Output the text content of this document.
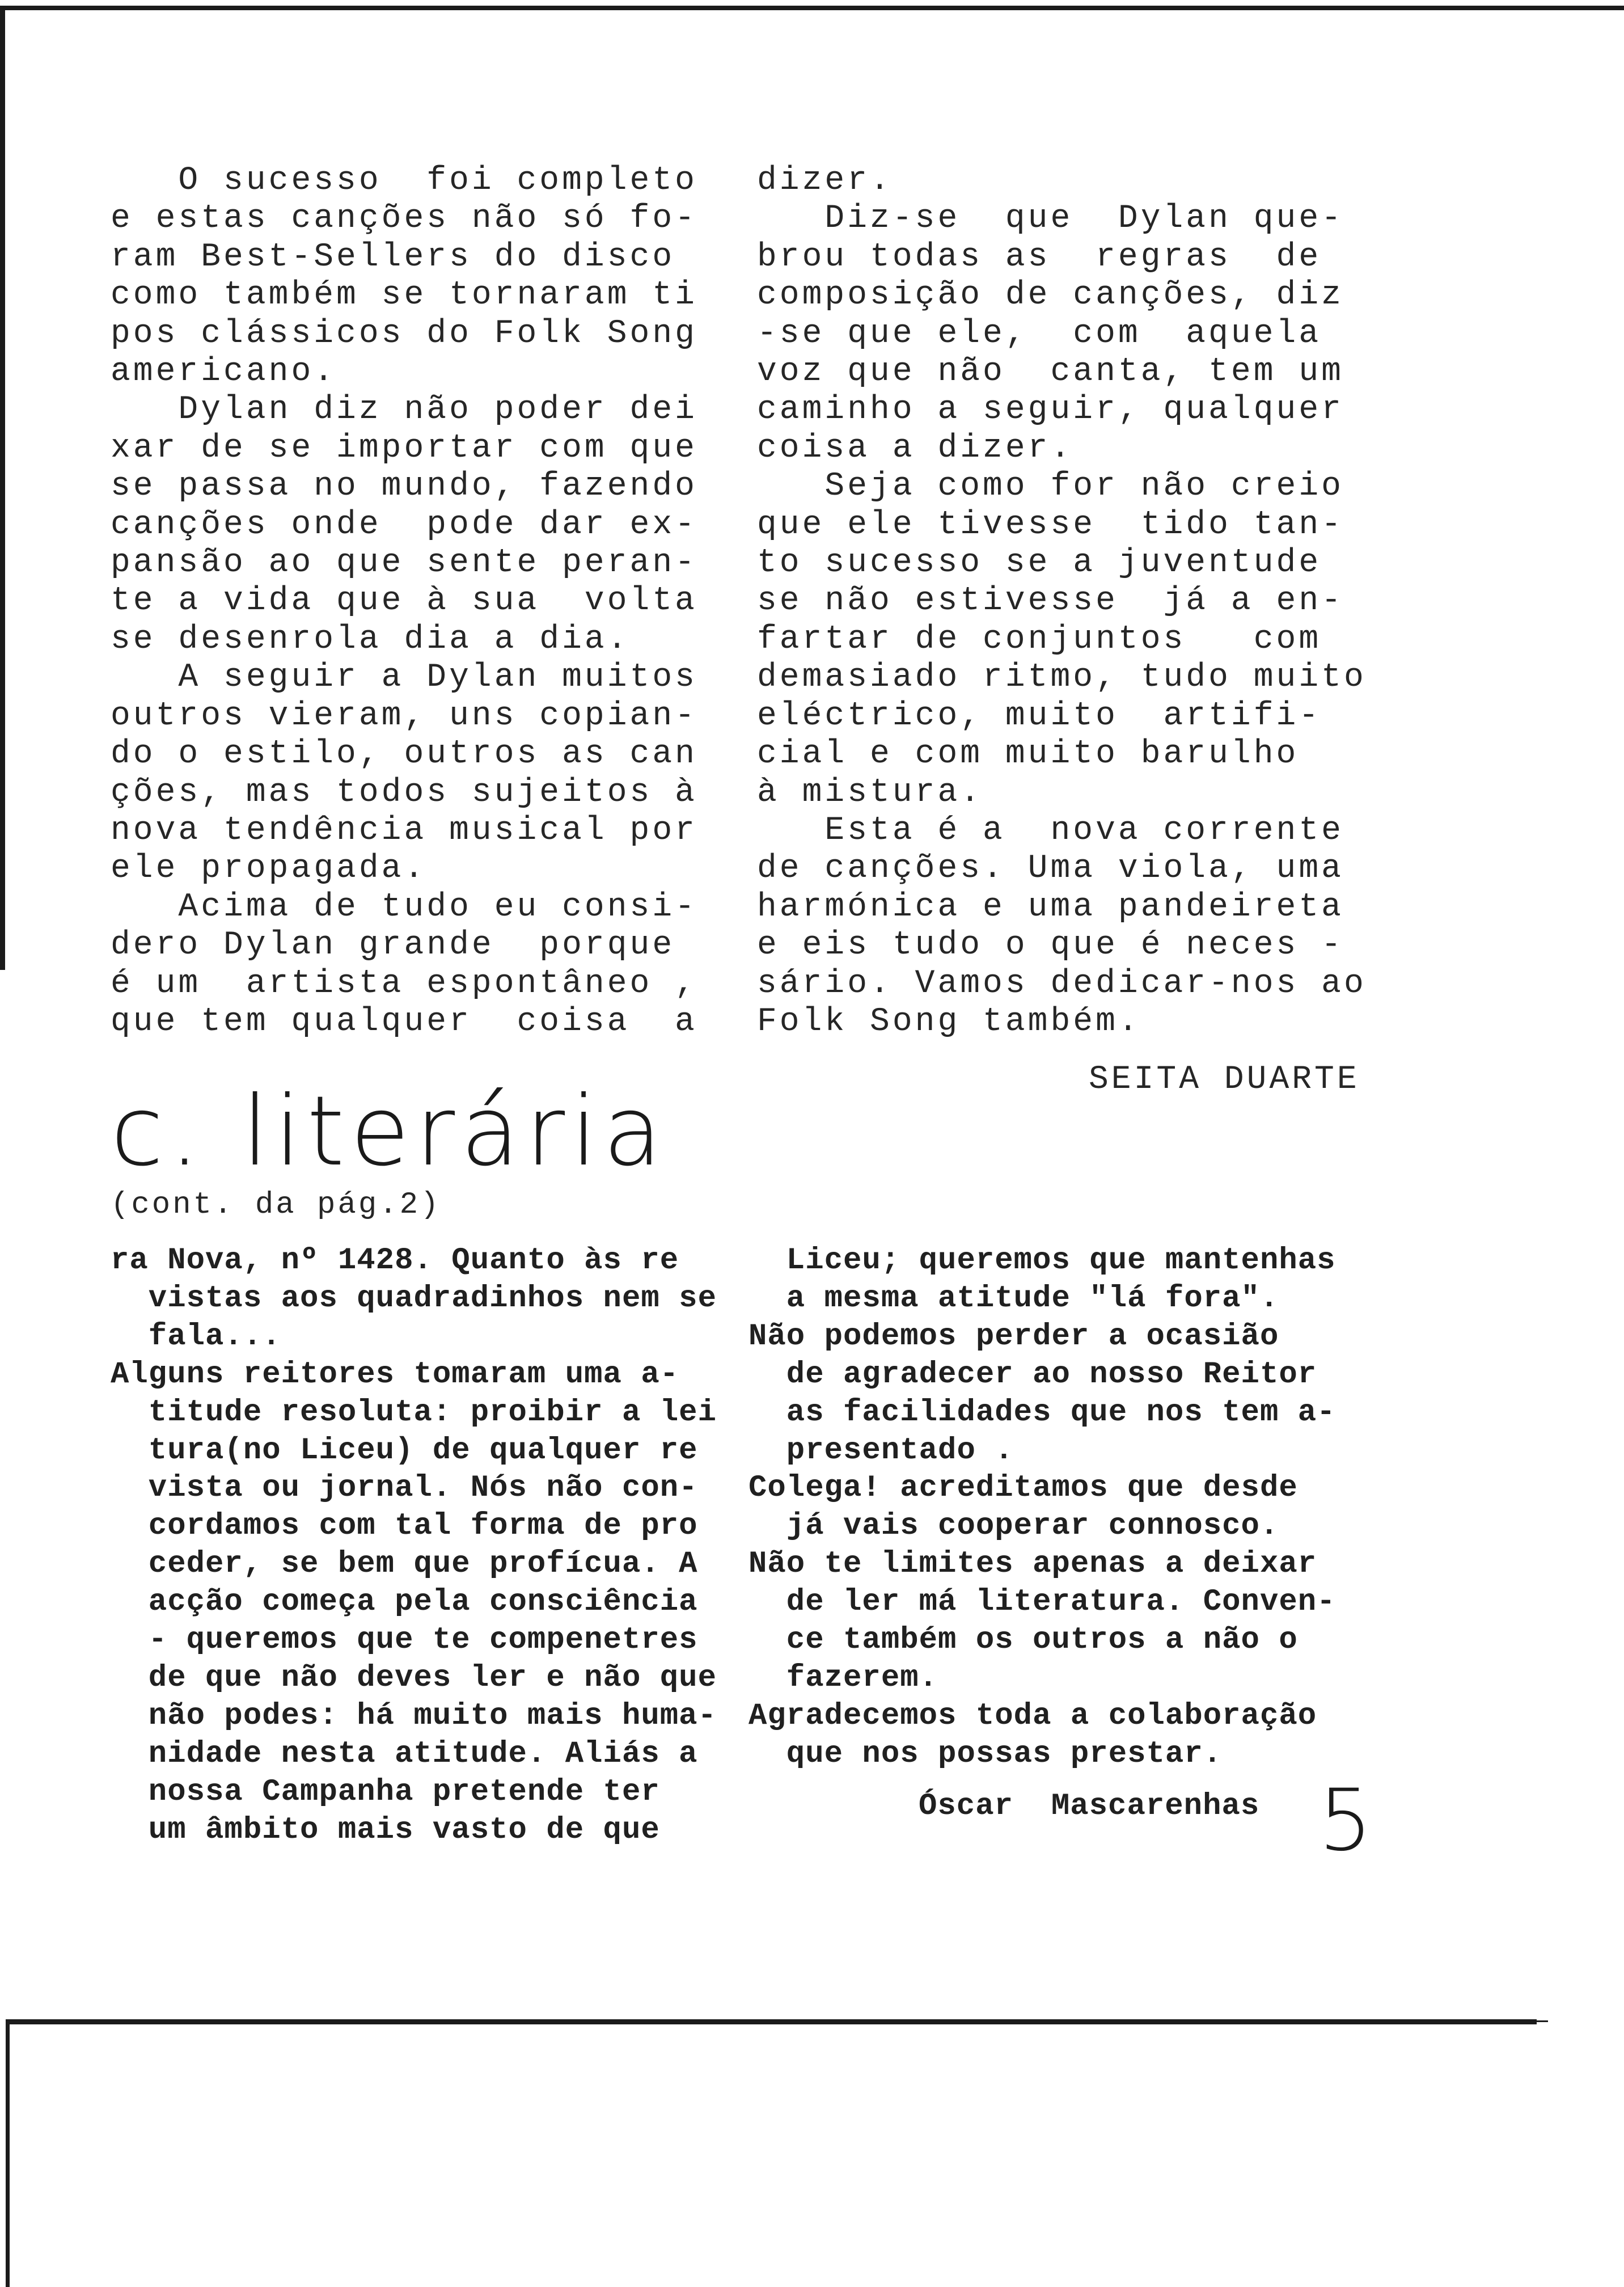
O sucesso  foi completo
e estas canções não só fo-
ram Best-Sellers do disco
como também se tornaram ti
pos clássicos do Folk Song
americano.
Dylan diz não poder dei
xar de se importar com que
se passa no mundo, fazendo
canções onde  pode dar ex-
pansão ao que sente peran-
te a vida que à sua  volta
se desenrola dia a dia.
A seguir a Dylan muitos
outros vieram, uns copian-
do o estilo, outros as can
ções, mas todos sujeitos à
nova tendência musical por
ele propagada.
Acima de tudo eu consi-
dero Dylan grande  porque
é um  artista espontâneo ,
que tem qualquer  coisa  a
dizer.
Diz-se  que  Dylan que-
brou todas as  regras  de
composição de canções, diz
-se que ele,  com  aquela
voz que não  canta, tem um
caminho a seguir, qualquer
coisa a dizer.
Seja como for não creio
que ele tivesse  tido tan-
to sucesso se a juventude
se não estivesse  já a en-
fartar de conjuntos   com
demasiado ritmo, tudo muito
eléctrico, muito  artifi-
cial e com muito barulho
à mistura.
Esta é a  nova corrente
de canções. Uma viola, uma
harmónica e uma pandeireta
e eis tudo o que é neces -
sário. Vamos dedicar-nos ao
Folk Song também.
SEITA DUARTE
c. literária
(cont. da pág.2)
ra Nova, nº 1428. Quanto às re
vistas aos quadradinhos nem se
fala...
Alguns reitores tomaram uma a-
titude resoluta: proibir a lei
tura(no Liceu) de qualquer re
vista ou jornal. Nós não con-
cordamos com tal forma de pro
ceder, se bem que profícua. A
acção começa pela consciência
- queremos que te compenetres
de que não deves ler e não que
não podes: há muito mais huma-
nidade nesta atitude. Aliás a
nossa Campanha pretende ter
um âmbito mais vasto de que
Liceu; queremos que mantenhas
a mesma atitude "lá fora".
Não podemos perder a ocasião
de agradecer ao nosso Reitor
as facilidades que nos tem a-
presentado .
Colega! acreditamos que desde
já vais cooperar connosco.
Não te limites apenas a deixar
de ler má literatura. Conven-
ce também os outros a não o
fazerem.
Agradecemos toda a colaboração
que nos possas prestar.
Óscar  Mascarenhas 5
